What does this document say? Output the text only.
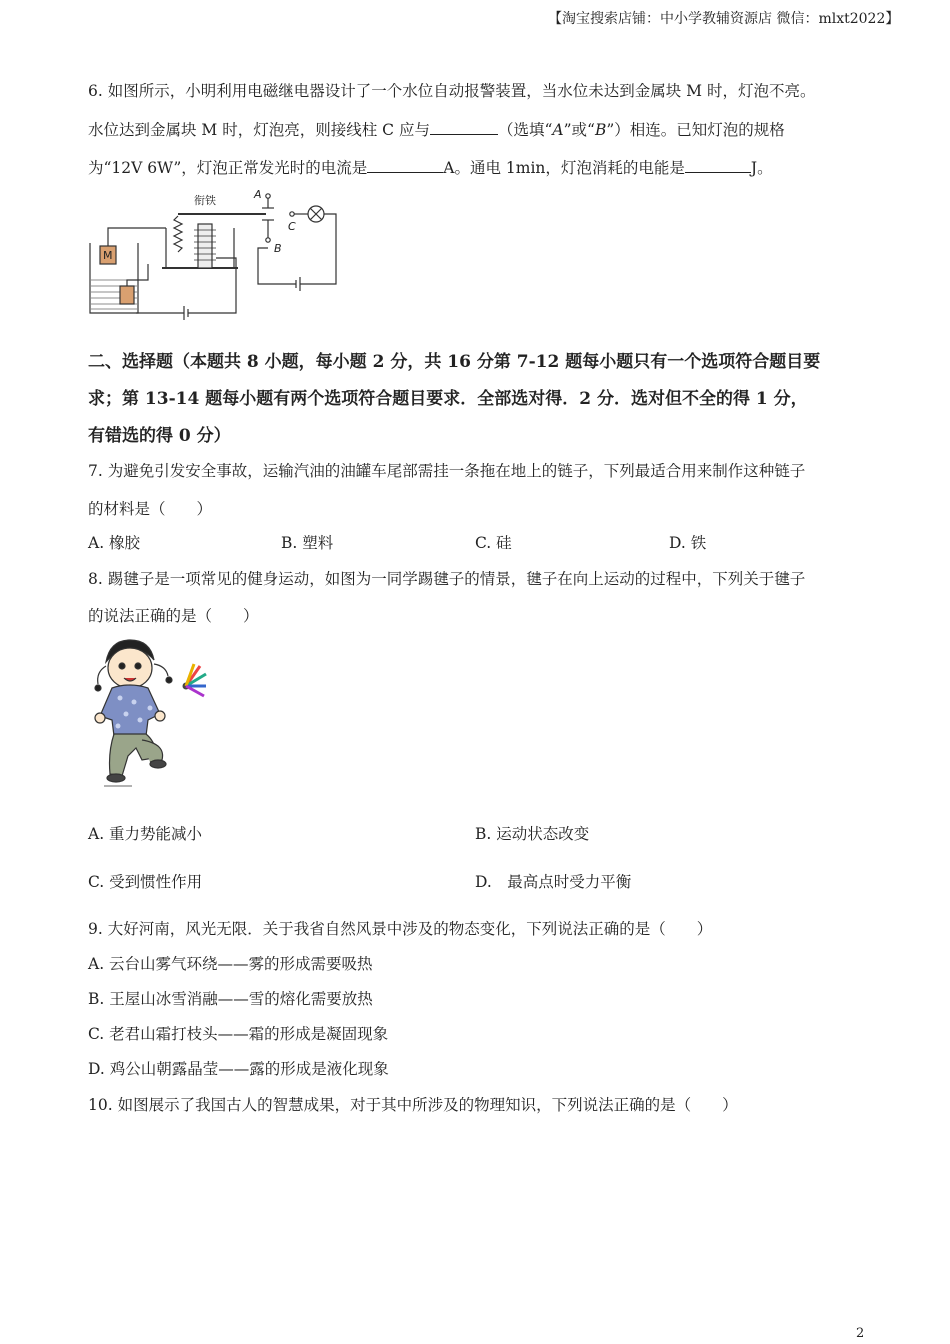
【淘宝搜索店铺：中小学教辅资源店 微信：mlxt2022】
6. 如图所示，小明利用电磁继电器设计了一个水位自动报警装置，当水位未达到金属块 M 时，灯泡不亮。
水位达到金属块 M 时，灯泡亮，则接线柱 C 应与	（选填“A”或“B”）相连。已知灯泡的规格
为“12V 6W”，灯泡正常发光时的电流是	A。通电 1min，灯泡消耗的电能是	J。
衔铁	A
B
C
M
二、选择题（本题共 8 小题，每小题 2 分，共 16 分第 7-12 题每小题只有一个选项符合题目要
求；第 13-14 题每小题有两个选项符合题目要求．全部选对得．2 分．选对但不全的得 1 分，
有错选的得 0 分）
7. 为避免引发安全事故，运输汽油的油罐车尾部需挂一条拖在地上的链子，下列最适合用来制作这种链子
的材料是（　　）
A. 橡胶	B. 塑料	C. 硅	D. 铁
8. 踢毽子是一项常见的健身运动，如图为一同学踢毽子的情景，毽子在向上运动的过程中，下列关于毽子
的说法正确的是（　　）
A. 重力势能减小	B. 运动状态改变
C. 受到惯性作用	D.　最高点时受力平衡
9. 大好河南，风光无限．关于我省自然风景中涉及的物态变化，下列说法正确的是（　　）
A. 云台山雾气环绕——雾的形成需要吸热
B. 王屋山冰雪消融——雪的熔化需要放热
C. 老君山霜打枝头——霜的形成是凝固现象
D. 鸡公山朝露晶莹——露的形成是液化现象
10. 如图展示了我国古人的智慧成果，对于其中所涉及的物理知识，下列说法正确的是（　　）
2
